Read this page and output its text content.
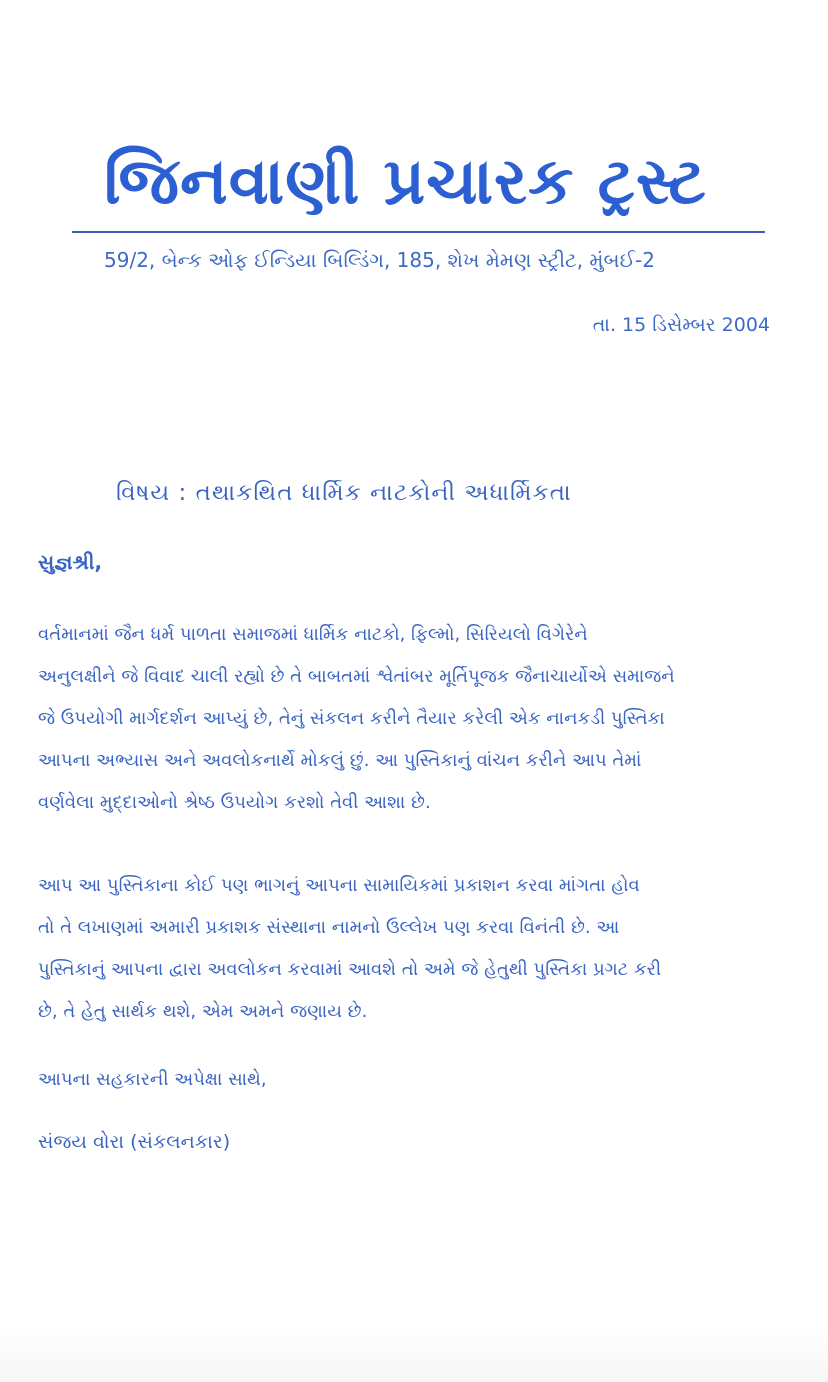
જિનવાણી પ્રચારક ટ્રસ્ટ
59/2, બેન્ક ઓફ ઈન્ડિયા બિલ્ડિંગ, 185, શેખ મેમણ સ્ટ્રીટ, મુંબઈ-2
તા. 15 ડિસેમ્બર 2004
વિષય : તથાકથિત ધાર્મિક નાટકોની અધાર્મિકતા
સુજ્ઞશ્રી,
વર્તમાનમાં જૈન ધર્મ પાળતા સમાજમાં ધાર્મિક નાટકો, ફિલ્મો, સિરિયલો વિગેરેને
અનુલક્ષીને જે વિવાદ ચાલી રહ્યો છે તે બાબતમાં શ્વેતાંબર મૂર્તિપૂજક જૈનાચાર્યોએ સમાજને
જે ઉપયોગી માર્ગદર્શન આપ્યું છે, તેનું સંકલન કરીને તૈયાર કરેલી એક નાનકડી પુસ્તિકા
આપના અભ્યાસ અને અવલોકનાર્થે મોકલું છું. આ પુસ્તિકાનું વાંચન કરીને આપ તેમાં
વર્ણવેલા મુદ્દાઓનો શ્રેષ્ઠ ઉપયોગ કરશો તેવી આશા છે.
આપ આ પુસ્તિકાના કોઈ પણ ભાગનું આપના સામાયિકમાં પ્રકાશન કરવા માંગતા હોવ
તો તે લખાણમાં અમારી પ્રકાશક સંસ્થાના નામનો ઉલ્લેખ પણ કરવા વિનંતી છે. આ
પુસ્તિકાનું આપના દ્વારા અવલોકન કરવામાં આવશે તો અમે જે હેતુથી પુસ્તિકા પ્રગટ કરી
છે, તે હેતુ સાર્થક થશે, એમ અમને જણાય છે.
આપના સહકારની અપેક્ષા સાથે,
સંજય વોરા (સંકલનકાર)
